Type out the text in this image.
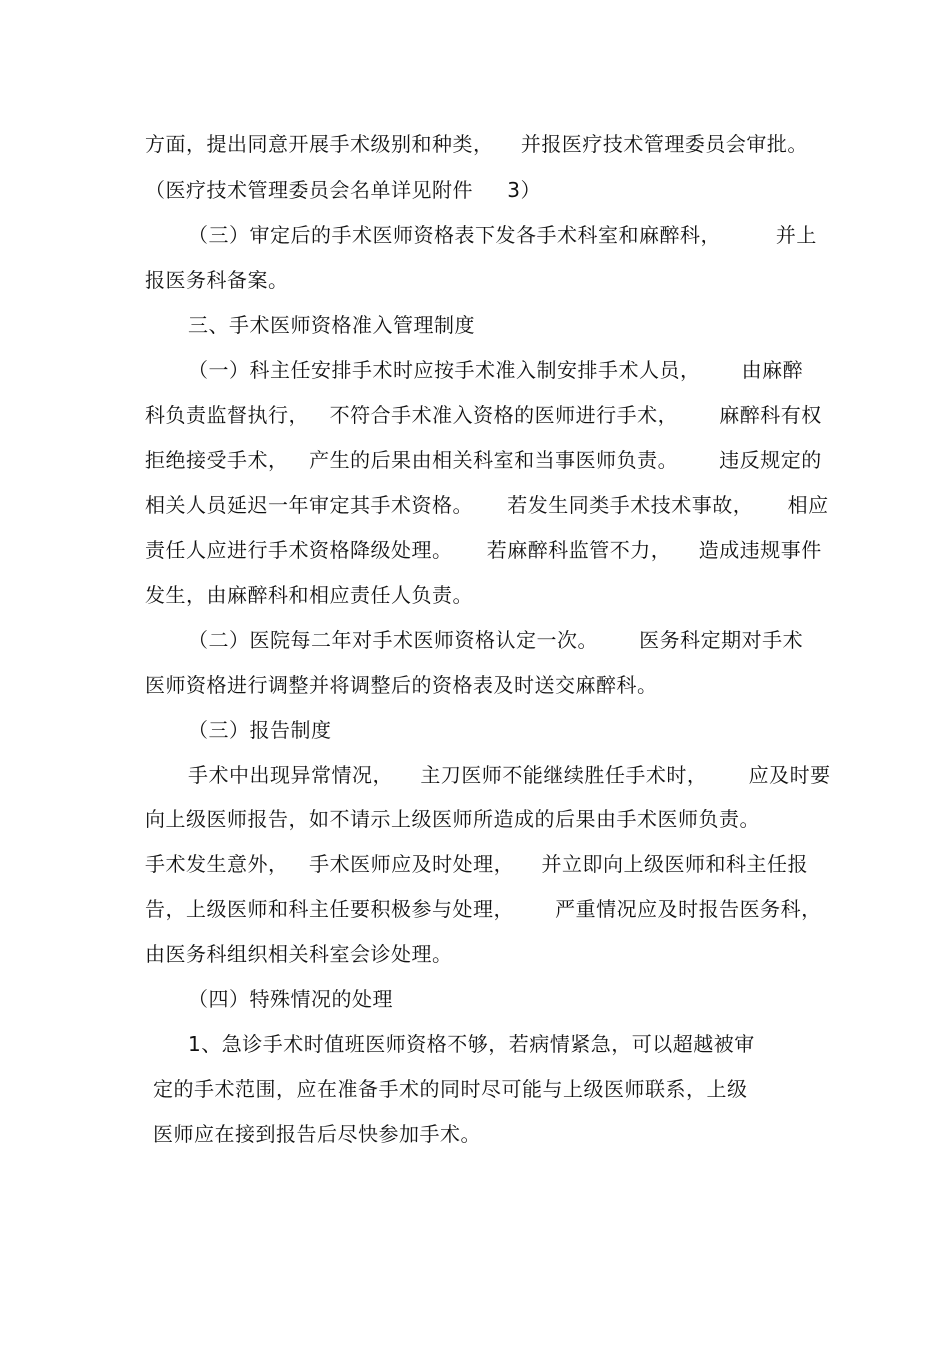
方面，提出同意开展手术级别和种类，    并报医疗技术管理委员会审批。
（医疗技术管理委员会名单详见附件     3）
（三）审定后的手术医师资格表下发各手术科室和麻醉科，        并上
报医务科备案。
三、手术医师资格准入管理制度
（一）科主任安排手术时应按手术准入制安排手术人员，      由麻醉
科负责监督执行，   不符合手术准入资格的医师进行手术，      麻醉科有权
拒绝接受手术，   产生的后果由相关科室和当事医师负责。      违反规定的
相关人员延迟一年审定其手术资格。     若发生同类手术技术事故，     相应
责任人应进行手术资格降级处理。     若麻醉科监管不力，    造成违规事件
发生，由麻醉科和相应责任人负责。
（二）医院每二年对手术医师资格认定一次。      医务科定期对手术
医师资格进行调整并将调整后的资格表及时送交麻醉科。
（三）报告制度
手术中出现异常情况，    主刀医师不能继续胜任手术时，      应及时要
向上级医师报告，如不请示上级医师所造成的后果由手术医师负责。
手术发生意外，   手术医师应及时处理，    并立即向上级医师和科主任报
告，上级医师和科主任要积极参与处理，      严重情况应及时报告医务科，
由医务科组织相关科室会诊处理。
（四）特殊情况的处理
1、急诊手术时值班医师资格不够，若病情紧急，可以超越被审
定的手术范围，应在准备手术的同时尽可能与上级医师联系，上级
医师应在接到报告后尽快参加手术。
